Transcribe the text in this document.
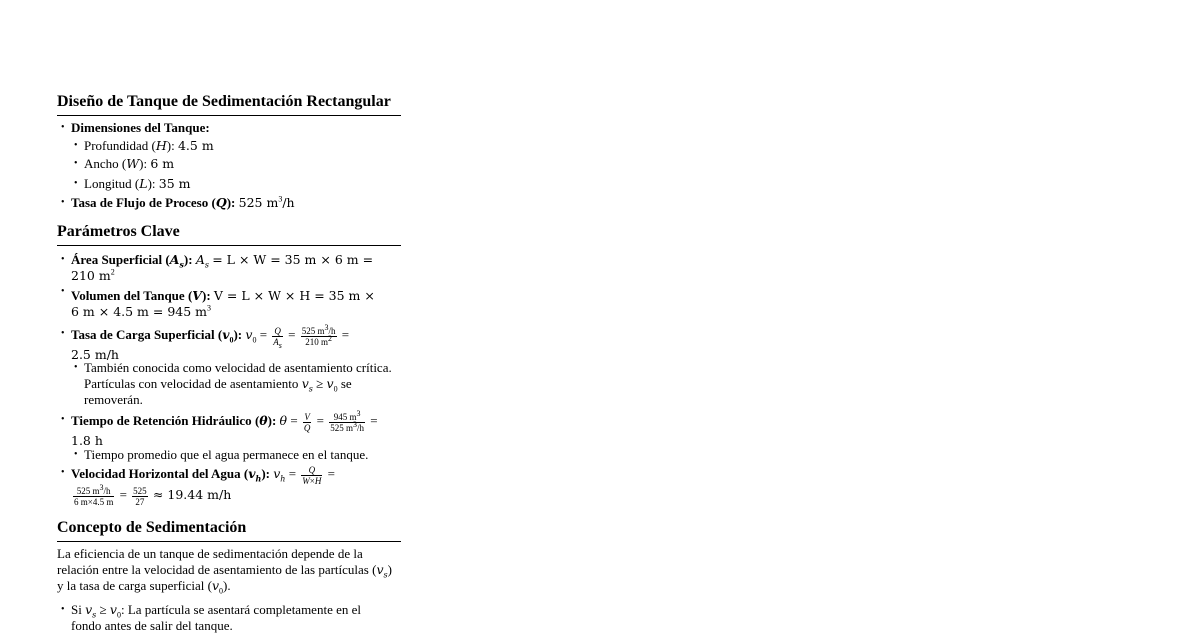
Diseño de Tanque de Sedimentación Rectangular
• Dimensiones del Tanque:
• Profundidad (H): 4.5 m
• Ancho (W): 6 m
• Longitud (L): 35 m
• Tasa de Flujo de Proceso (Q): 525 $m^3/h$
Parámetros Clave
• Área Superficial $(A_s)$: $A_s = L \times W = 35$ m × 6 m =
210 $m^2$
• Volumen del Tanque (V): V = L × W × H = 35 m ×
6 m × 4.5 m = 945 $m^3$
• Tasa de Carga Superficial $(v_0)$: $v_0 = \frac{Q}{A_s} = \frac{525 m^3/h}{210 m^2}$ =
2.5 m/h
• También conocida como velocidad de asentamiento crítica.
Partículas con velocidad de asentamiento $v_s \ge v_0$ se
removerán.
• Tiempo de Retención Hidráulico (θ): $\theta = \frac{V}{Q} = \frac{945 m^3}{525 m^3/h}$ =
1.8 h
• Tiempo promedio que el agua permanece en el tanque.
• Velocidad Horizontal del Agua $(v_h)$: $v_h = \frac{Q}{W\times H}$ =

$\frac{525 m^3/h}{6 m\times 4.5 m} = \frac{525}{27} \approx 19.44$ m/h
Concepto de Sedimentación

La eficiencia de un tanque de sedimentación depende de la
relación entre la velocidad de asentamiento de las partículas $(v_s)$
y la tasa de carga superficial $(v_0)$.

• Si $v_s \ge v_0$: La partícula se asentará completamente en el
fondo antes de salir del tanque.
